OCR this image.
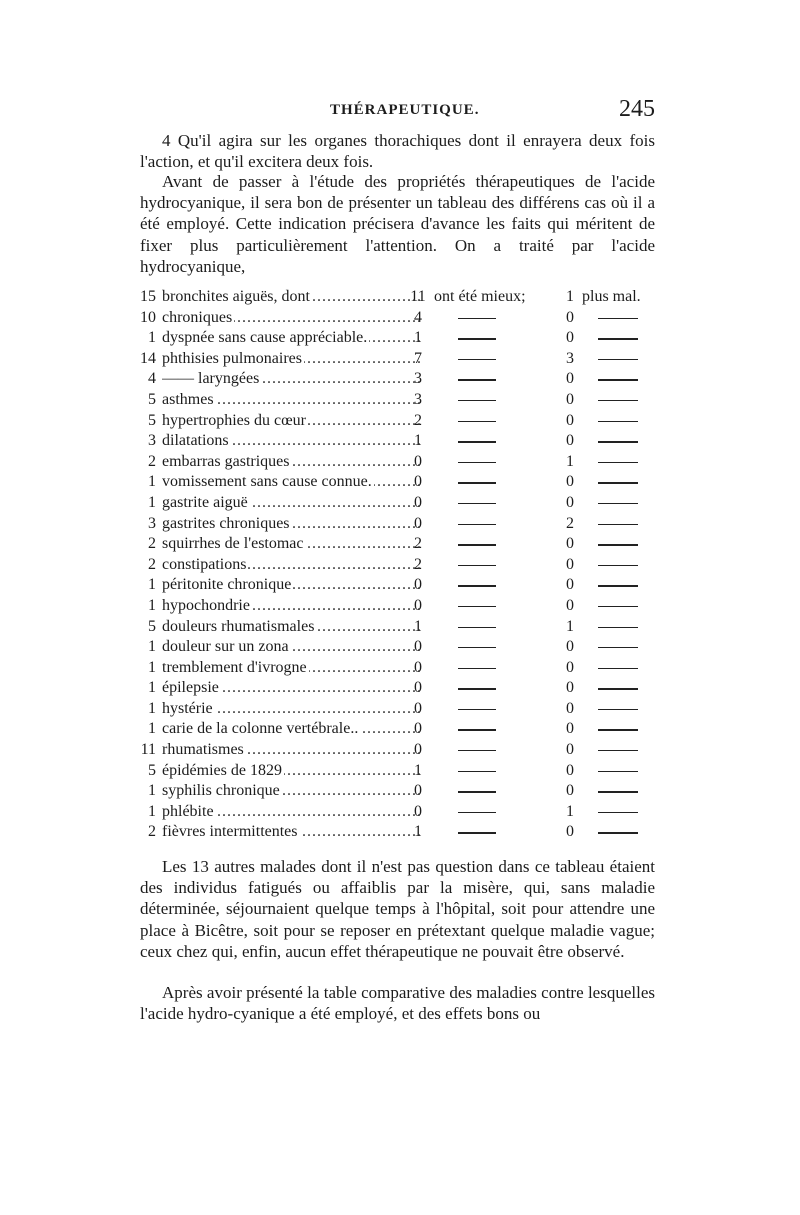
THÉRAPEUTIQUE.	245

4 Qu'il agira sur les organes thorachiques dont il enrayera deux fois l'action, et qu'il excitera deux fois.

Avant de passer à l'étude des propriétés thérapeutiques de l'acide hydrocyanique, il sera bon de présenter un tableau des différens cas où il a été employé. Cette indication précisera d'avance les faits qui méritent de fixer plus particulièrement l'attention. On a traité par l'acide hydrocyanique,

15 bronchites aiguës, dont .....	11 ont été mieux;	1 plus mal.
10 chroniques .....	4	0
1 dyspnée sans cause appréciable. .....	1	0
14 phthisies pulmonaires .....	7	3
4 —— laryngées .....	3	0
5 asthmes .....	3	0
5 hypertrophies du cœur .....	2	0
3 dilatations .....	1	0
2 embarras gastriques .....	0	1
1 vomissement sans cause connue. .....	0	0
1 gastrite aiguë .....	0	0
3 gastrites chroniques .....	0	2
2 squirrhes de l'estomac .....	2	0
2 constipations .....	2	0
1 péritonite chronique .....	0	0
1 hypochondrie .....	0	0
5 douleurs rhumatismales .....	1	1
1 douleur sur un zona .....	0	0
1 tremblement d'ivrogne .....	0	0
1 épilepsie .....	0	0
1 hystérie .....	0	0
1 carie de la colonne vertébrale.. .....	0	0
11 rhumatismes .....	0	0
5 épidémies de 1829 .....	1	0
1 syphilis chronique .....	0	0
1 phlébite .....	0	1
2 fièvres intermittentes .....	1	0

Les 13 autres malades dont il n'est pas question dans ce tableau étaient des individus fatigués ou affaiblis par la misère, qui, sans maladie déterminée, séjournaient quelque temps à l'hôpital, soit pour attendre une place à Bicêtre, soit pour se reposer en prétextant quelque maladie vague; ceux chez qui, enfin, aucun effet thérapeutique ne pouvait être observé.

Après avoir présenté la table comparative des maladies contre lesquelles l'acide hydro-cyanique a été employé, et des effets bons ou
